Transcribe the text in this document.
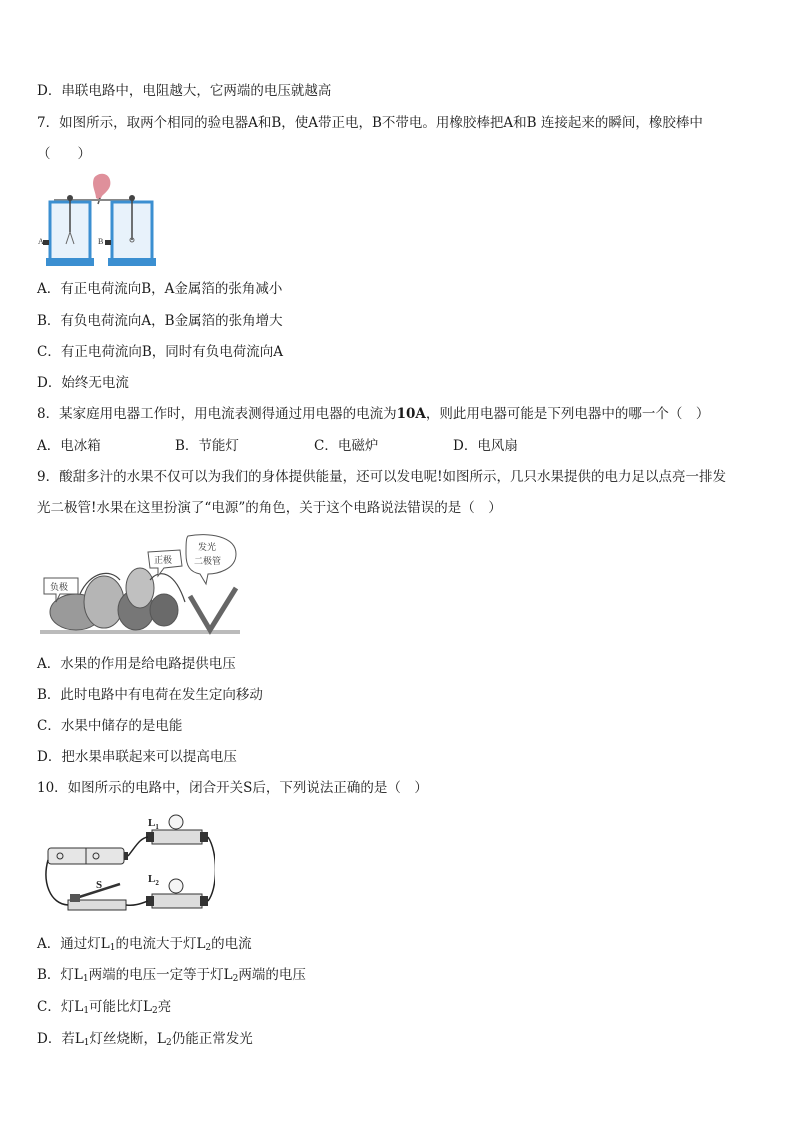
D．串联电路中，电阻越大，它两端的电压就越高
7．如图所示，取两个相同的验电器A和B，使A带正电，B不带电。用橡胶棒把A和B 连接起来的瞬间，橡胶棒中
（　　）
A	B
A．有正电荷流向B，A金属箔的张角减小
B．有负电荷流向A，B金属箔的张角增大
C．有正电荷流向B，同时有负电荷流向A
D．始终无电流
8．某家庭用电器工作时，用电流表测得通过用电器的电流为10A，则此用电器可能是下列电器中的哪一个（　）
A．电冰箱	B．节能灯	C．电磁炉	D．电风扇
9．酸甜多汁的水果不仅可以为我们的身体提供能量，还可以发电呢!如图所示，几只水果提供的电力足以点亮一排发
光二极管!水果在这里扮演了“电源”的角色，关于这个电路说法错误的是（　）
负极
正极
发光
二极管
A．水果的作用是给电路提供电压
B．此时电路中有电荷在发生定向移动
C．水果中储存的是电能
D．把水果串联起来可以提高电压
10．如图所示的电路中，闭合开关S后，下列说法正确的是（　）
$L_1$
$L_2$
S
A．通过灯$L_1$的电流大于灯$L_2$的电流
B．灯$L_1$两端的电压一定等于灯$L_2$两端的电压
C．灯$L_1$可能比灯$L_2$亮
D．若$L_1$灯丝烧断，$L_2$仍能正常发光
